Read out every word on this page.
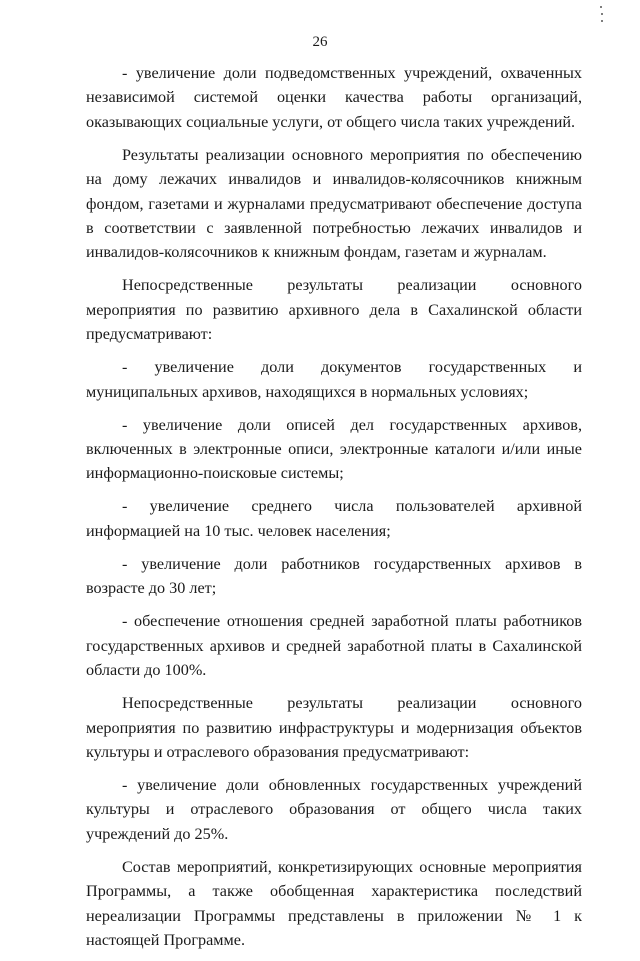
26

- увеличение доли подведомственных учреждений, охваченных независимой системой оценки качества работы организаций, оказывающих социальные услуги, от общего числа таких учреждений.

Результаты реализации основного мероприятия по обеспечению на дому лежачих инвалидов и инвалидов-колясочников книжным фондом, газетами и журналами предусматривают обеспечение доступа в соответствии с заявленной потребностью лежачих инвалидов и инвалидов-колясочников к книжным фондам, газетам и журналам.

Непосредственные результаты реализации основного мероприятия по развитию архивного дела в Сахалинской области предусматривают:

- увеличение доли документов государственных и муниципальных архивов, находящихся в нормальных условиях;

- увеличение доли описей дел государственных архивов, включенных в электронные описи, электронные каталоги и/или иные информационно-поисковые системы;

- увеличение среднего числа пользователей архивной информацией на 10 тыс. человек населения;

- увеличение доли работников государственных архивов в возрасте до 30 лет;

- обеспечение отношения средней заработной платы работников государственных архивов и средней заработной платы в Сахалинской области до 100%.

Непосредственные результаты реализации основного мероприятия по развитию инфраструктуры и модернизация объектов культуры и отраслевого образования предусматривают:

- увеличение доли обновленных государственных учреждений культуры и отраслевого образования от общего числа таких учреждений до 25%.

Состав мероприятий, конкретизирующих основные мероприятия Программы, а также обобщенная характеристика последствий нереализации Программы представлены в приложении № 1 к настоящей Программе.
